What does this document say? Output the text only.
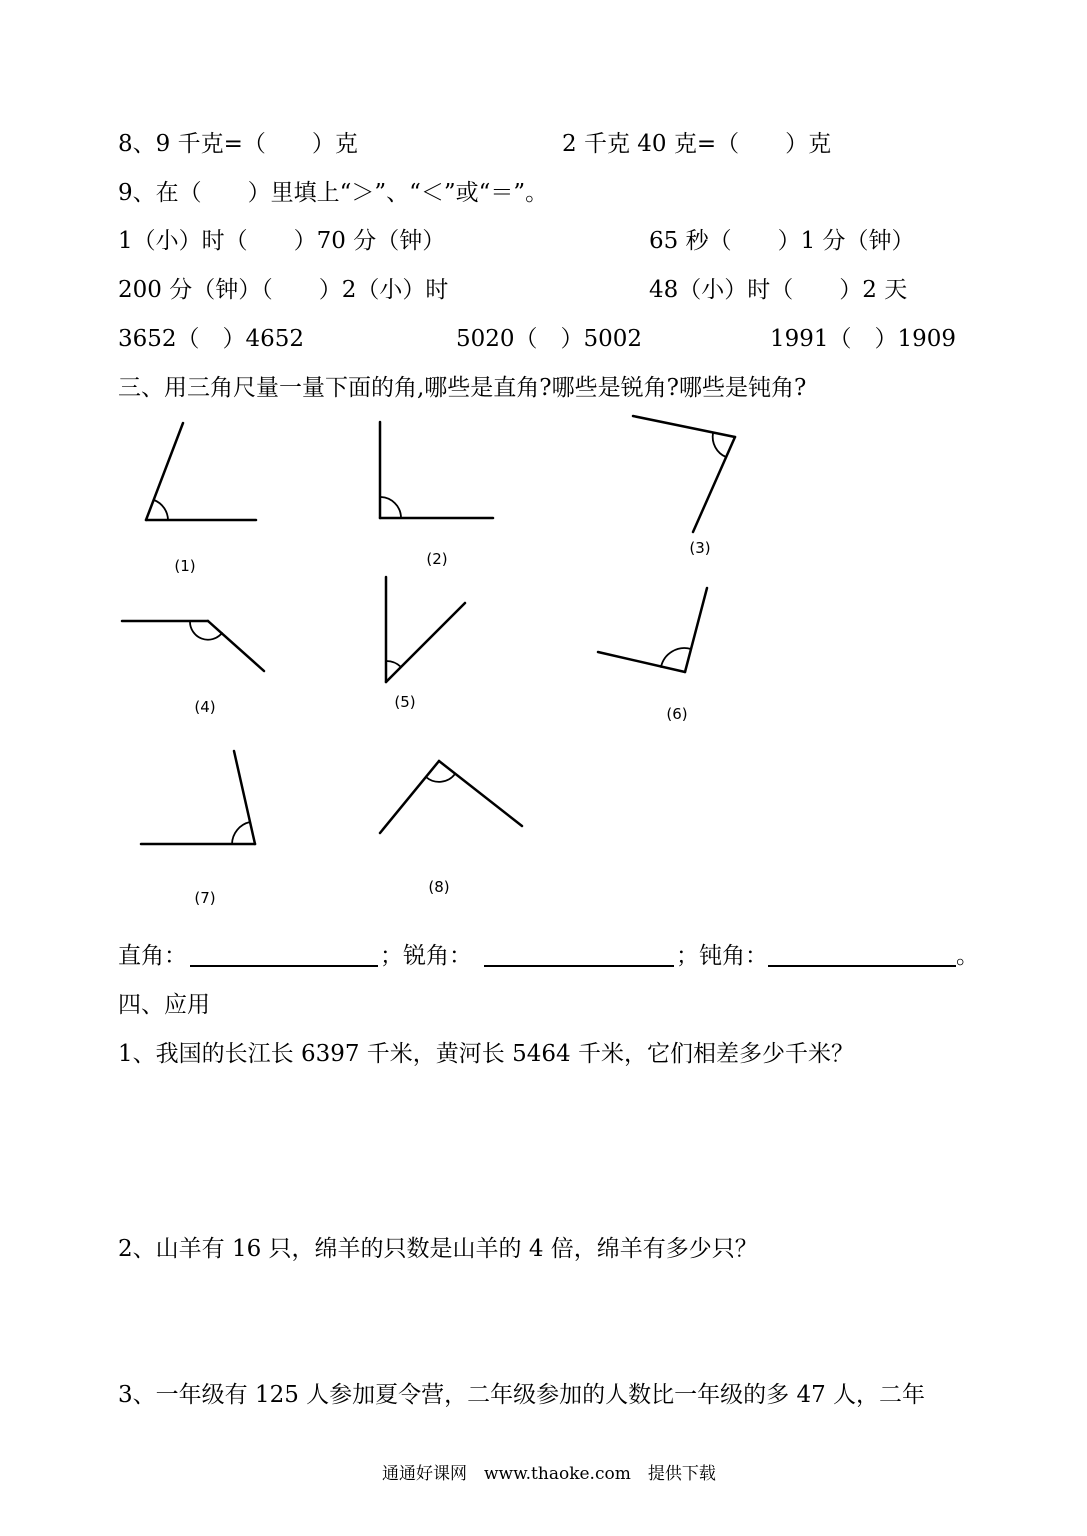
8、9 千克=（　　）克	2 千克 40 克=（　　）克
9、在（　　）里填上“＞”、“＜”或“＝”。
1（小）时（　　）70 分（钟）	65 秒（　　）1 分（钟）
200 分（钟）（　　）2（小）时	48（小）时（　　）2 天
3652（　）4652	5020（　）5002	1991（　）1909
三、用三角尺量一量下面的角,哪些是直角?哪些是锐角?哪些是钝角?
(1)	(2)
(3)
(4)	(5)
(6)
(7)
(8)
直角：	；锐角：	；钝角：	。
四、应用
1、我国的长江长 6397 千米，黄河长 5464 千米，它们相差多少千米？
2、山羊有 16 只，绵羊的只数是山羊的 4 倍，绵羊有多少只？
3、一年级有 125 人参加夏令营，二年级参加的人数比一年级的多 47 人，二年
通通好课网　www.thaoke.com　提供下载
